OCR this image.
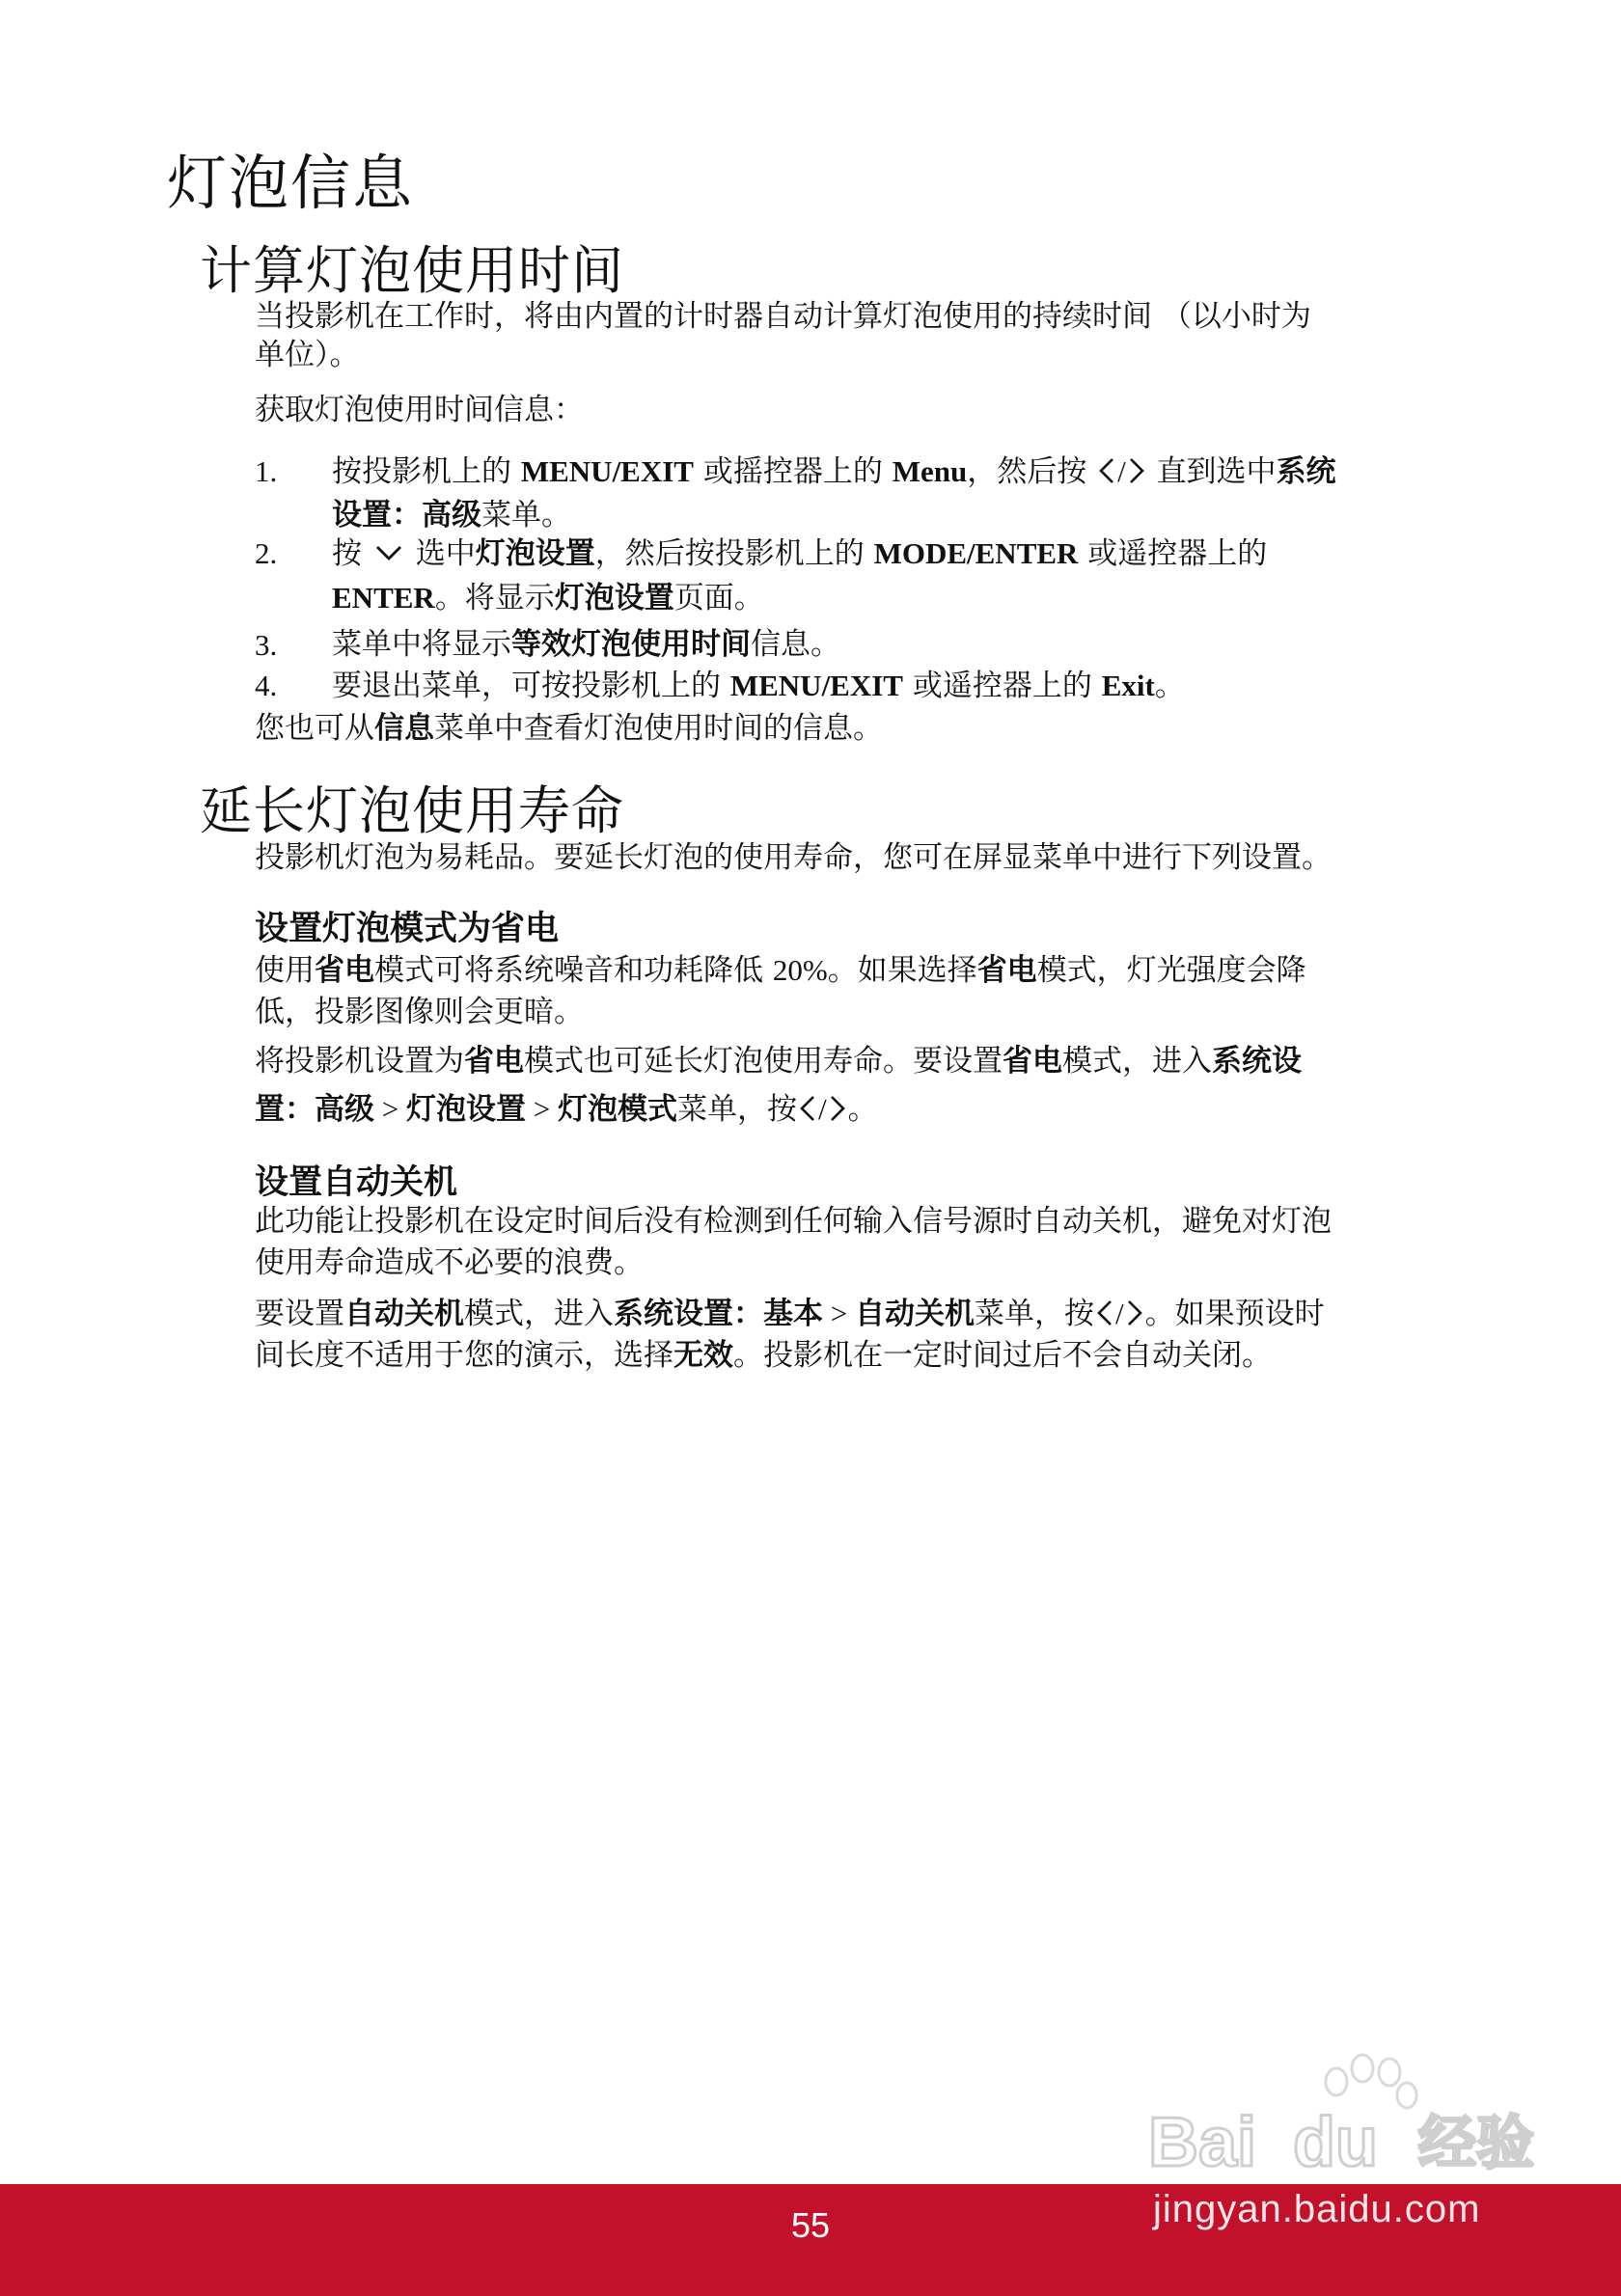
灯泡信息
计算灯泡使用时间

当投影机在工作时，将由内置的计时器自动计算灯泡使用的持续时间 （以小时为

单位）。

获取灯泡使用时间信息：

1. 按投影机上的 MENU/EXIT 或摇控器上的 Menu，然后按 / 直到选中系统
设置：高级菜单。
2. 按  选中灯泡设置，然后按投影机上的 MODE/ENTER 或遥控器上的
ENTER。将显示灯泡设置页面。
3. 菜单中将显示等效灯泡使用时间信息。
4. 要退出菜单，可按投影机上的 MENU/EXIT 或遥控器上的 Exit。

您也可从信息菜单中查看灯泡使用时间的信息。

延长灯泡使用寿命

投影机灯泡为易耗品。要延长灯泡的使用寿命，您可在屏显菜单中进行下列设置。

设置灯泡模式为省电

使用省电模式可将系统噪音和功耗降低 20%。如果选择省电模式，灯光强度会降
低，投影图像则会更暗。

将投影机设置为省电模式也可延长灯泡使用寿命。要设置省电模式，进入系统设
置：高级 > 灯泡设置 > 灯泡模式菜单，按 / 。

设置自动关机

此功能让投影机在设定时间后没有检测到任何输入信号源时自动关机，避免对灯泡
使用寿命造成不必要的浪费。

要设置自动关机模式，进入系统设置：基本 > 自动关机菜单，按 / 。如果预设时
间长度不适用于您的演示，选择无效。投影机在一定时间过后不会自动关闭。

Bai du 经验
55	jingyan.baidu.com
